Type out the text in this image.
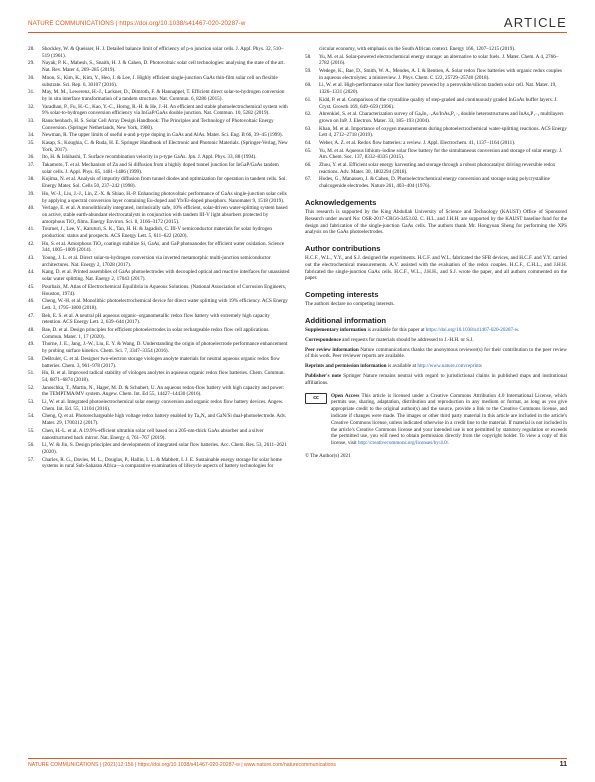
NATURE COMMUNICATIONS | https://doi.org/10.1038/s41467-020-20287-w	ARTICLE
28.	Shockley, W. & Queisser, H. J. Detailed balance limit of efficiency of p-n junction solar cells. J. Appl. Phys. 32, 510–519 (1961).
29.	Nayak, P. K., Mahesh, S., Snaith, H. J. & Cahen, D. Photovoltaic solar cell technologies: analysing the state of the art. Nat. Rev. Mater 4, 269–285 (2019).
30.	Moon, S., Kim, K., Kim, Y., Heo, J. & Lee, J. Highly efficient single-junction GaAs thin-film solar cell on flexible substrate. Sci. Rep. 6, 30107 (2016).
31.	May, M. M., Lewerenz, H.-J., Lackner, D., Dimroth, F. & Hannappel, T. Efficient direct solar-to-hydrogen conversion by in situ interface transformation of a tandem structure. Nat. Commun. 6, 8286 (2015).
32.	Varadhan, P., Fu, H.-C., Kao, Y.-C., Horng, R.-H. & He, J.-H. An efficient and stable photoelectrochemical system with 9% solar-to-hydrogen conversion efficiency via InGaP/GaAs double junction. Nat. Commun. 10, 5282 (2019).
33.	Rauschenbach, H. S. Solar Cell Array Design Handbook: The Principles and Technology of Photovoltaic Energy Conversion. (Springer Netherlands, New York, 1980).
34.	Newman, R. The upper limits of useful n-and p-type doping in GaAs and AlAs. Mater. Sci. Eng. B 66, 39–45 (1999).
35.	Kasap, S., Koughia, C. & Ruda, H. E. Springer Handbook of Electronic and Photonic Materials. (Springer-Verlag, New York, 2017).
36.	Ito, H. & Ishibashi, T. Surface recombination velocity in p-type GaAs. Jpn. J. Appl. Phys. 33, 88 (1994).
37.	Takamoto, T. et al. Mechanism of Zn and Si diffusion from a highly doped tunnel junction for InGaP/GaAs tandem solar cells. J. Appl. Phys. 85, 1481–1486 (1999).
38.	Kojima, N. et al. Analysis of impurity diffusion from tunnel diodes and optimization for operation in tandem cells. Sol. Energy Mater. Sol. Cells 50, 237–242 (1998).
39.	Ho, W.-J., Liu, J.-J., Lin, Z.-X. & Shiao, H.-P. Enhancing photovoltaic performance of GaAs single-junction solar cells by applying a spectral conversion layer containing Eu-doped and Yb/Er-doped phosphors. Nanomater 9, 1518 (2019).
40.	Verlage, E. et al. A monolithically integrated, intrinsically safe, 10% efficient, solar-driven water-splitting system based on active, stable earth-abundant electrocatalysts in conjunction with tandem III-V light absorbers protected by amorphous TiO₂ films. Energy Environ. Sci. 8, 3166–3172 (2015).
41.	Tournet, J., Lee, Y., Karuturi, S. K., Tan, H. H. & Jagadish, C. III-V semiconductor materials for solar hydrogen production: status and prospects. ACS Energy Lett. 5, 611–622 (2020).
42.	Hu, S. et al. Amorphous TiO₂ coatings stabilize Si, GaAs, and GaP photoanodes for efficient water oxidation. Science 344, 1005–1009 (2014).
43.	Young, J. L. et al. Direct solar-to-hydrogen conversion via inverted metamorphic multi-junction semiconductor architectures. Nat. Energy 2, 17028 (2017).
44.	Kang, D. et al. Printed assemblies of GaAs photoelectrodes with decoupled optical and reactive interfaces for unassisted solar water splitting. Nat. Energy 2, 17043 (2017).
45.	Pourbaix, M. Atlas of Electrochemical Equilibria in Aqueous Solutions. (National Association of Corrosion Engineers, Houston, 1974).
46.	Cheng, W.-H. et al. Monolithic photoelectrochemical device for direct water splitting with 19% efficiency. ACS Energy Lett. 3, 1795–1800 (2018).
47.	Beh, E. S. et al. A neutral pH aqueous organic–organometallic redox flow battery with extremely high capacity retention. ACS Energy Lett. 2, 639–644 (2017).
48.	Bae, D. et al. Design principles for efficient photoelectrodes in solar rechargeable redox flow cell applications. Commun. Mater. 1, 17 (2020).
49.	Thorne, J. E., Jang, J.-W., Liu, E. Y. & Wang, D. Understanding the origin of photoelectrode performance enhancement by probing surface kinetics. Chem. Sci. 7, 3347–3354 (2016).
50.	DeBruler, C. et al. Designer two-electron storage viologen anolyte materials for neutral aqueous organic redox flow batteries. Chem. 3, 961–978 (2017).
51.	Hu, B. et al. Improved radical stability of viologen anolytes in aqueous organic redox flow batteries. Chem. Commun. 54, 6871–6874 (2018).
52.	Janoschka, T., Martin, N., Hager, M. D. & Schubert, U. An aqueous redox-flow battery with high capacity and power: the TEMPTMA/MV system. Angew. Chem. Int. Ed 55, 14427–14430 (2016).
53.	Li, W. et al. Integrated photoelectrochemical solar energy conversion and organic redox flow battery devices. Angew. Chem. Int. Ed. 55, 13104 (2016).
54.	Cheng, Q. et al. Photorechargeable high voltage redox battery enabled by Ta₃N₅ and GaN/Si dual-photoelectrode. Adv. Mater. 29, 1700312 (2017).
55.	Chen, H.-L. et al. A 19.9%-efficient ultrathin solar cell based on a 205-nm-thick GaAs absorber and a silver nanostructured back mirror. Nat. Energy 4, 761–767 (2019).
56.	Li, W. & Jin, S. Design principles and developments of integrated solar flow batteries. Acc. Chem. Res. 53, 2611–2621 (2020).
57.	Charles, R. G., Davies, M. L., Douglas, P., Hallin, I. L. & Mabbett, I. J. E. Sustainable energy storage for solar home systems in rural Sub-Saharan Africa—a comparative examination of lifecycle aspects of battery technologies for
circular economy, with emphasis on the South African context. Energy 166, 1207–1215 (2019).
58.	Yu, M. et al. Solar-powered electrochemical energy storage: an alternative to solar fuels. J. Mater. Chem. A 4, 2766–2782 (2016).
59.	Wedege, K., Bae, D., Smith, W. A., Mendes, A. I. & Bentien, A. Solar redox flow batteries with organic redox couples in aqueous electrolytes: a minireview. J. Phys. Chem. C 122, 25729–25740 (2018).
60.	Li, W. et al. High-performance solar flow battery powered by a perovskite/silicon tandem solar cell. Nat. Mater. 19, 1326–1331 (2020).
61.	Kidd, P. et al. Comparison of the crystalline quality of step-graded and continuously graded InGaAs buffer layers. J. Cryst. Growth 169, 649–659 (1996).
62.	Ahrenkiel, S. et al. Characterization survey of GaₓIn₁₋ₓAs/InAsᵧP₁₋ᵧ double heterostructures and InAsᵧP₁₋ᵧ multilayers grown on InP. J. Electron. Mater. 33, 185–193 (2004).
63.	Khan, M. et al. Importance of oxygen measurements during photoelectrochemical water-splitting reactions. ACS Energy Lett 4, 2712–2718 (2019).
64.	Weber, A. Z. et al. Redox flow batteries: a review. J. Appl. Electrochem. 41, 1137–1164 (2011).
65.	Yu, M. et al. Aqueous lithium–iodine solar flow battery for the simultaneous conversion and storage of solar energy. J. Am. Chem. Soc. 137, 8332–8335 (2015).
66.	Zhou, Y. et al. Efficient solar energy harvesting and storage through a robust photocatalyst driving reversible redox reactions. Adv. Mater. 30, 1802294 (2018).
67.	Hodes, G., Manassen, J. & Cahen, D. Photoelectrochemical energy conversion and storage using polycrystalline chalcogenide electrodes. Nature 261, 403–404 (1976).
Acknowledgements

This research is supported by the King Abdullah University of Science and Technology (KAUST) Office of Sponsored Research under award No: OSR-2017-CRG6-3453.02. C. H.L. and J.H.H. are supported by the KAUST baseline fund for the design and fabrication of the single-junction GaAs cells. The authors thank Mr. Hongyuan Sheng for performing the XPS analysis on the GaAs photoelectrodes.

Author contributions

H.C.F., W.L., Y.Y., and S.J. designed the experiments. H.C.F. and W.L. fabricated the SFB devices, and H.C.F. and Y.Y. carried out the electrochemical measurements. A.V. assisted with the evaluation of the redox couples. H.C.F., C.H.L., and J.H.H. fabricated the single-junction GaAs cells. H.C.F., W.L., J.H.H., and S.J. wrote the paper, and all authors commented on the paper.

Competing interests

The authors declare no competing interests.

Additional information

Supplementary information is available for this paper at https://doi.org/10.1038/s41467-020-20287-w.

Correspondence and requests for materials should be addressed to J.-H.H. or S.J.

Peer review information Nature communications thanks the anonymous reviewer(s) for their contribution to the peer review of this work. Peer reviewer reports are available.

Reprints and permission information is available at http://www.nature.com/reprints

Publisher's note Springer Nature remains neutral with regard to jurisdictional claims in published maps and institutional affiliations.

cc	Open Access This article is licensed under a Creative Commons Attribution 4.0 International License, which permits use, sharing, adaptation, distribution and reproduction in any medium or format, as long as you give appropriate credit to the original author(s) and the source, provide a link to the Creative Commons license, and indicate if changes were made. The images or other third party material in this article are included in the article's Creative Commons license, unless indicated otherwise in a credit line to the material. If material is not included in the article's Creative Commons license and your intended use is not permitted by statutory regulation or exceeds the permitted use, you will need to obtain permission directly from the copyright holder. To view a copy of this license, visit http://creativecommons.org/licenses/by/4.0/.
© The Author(s) 2021
NATURE COMMUNICATIONS | (2021)12:156 | https://doi.org/10.1038/s41467-020-20287-w | www.nature.com/naturecommunications	11
